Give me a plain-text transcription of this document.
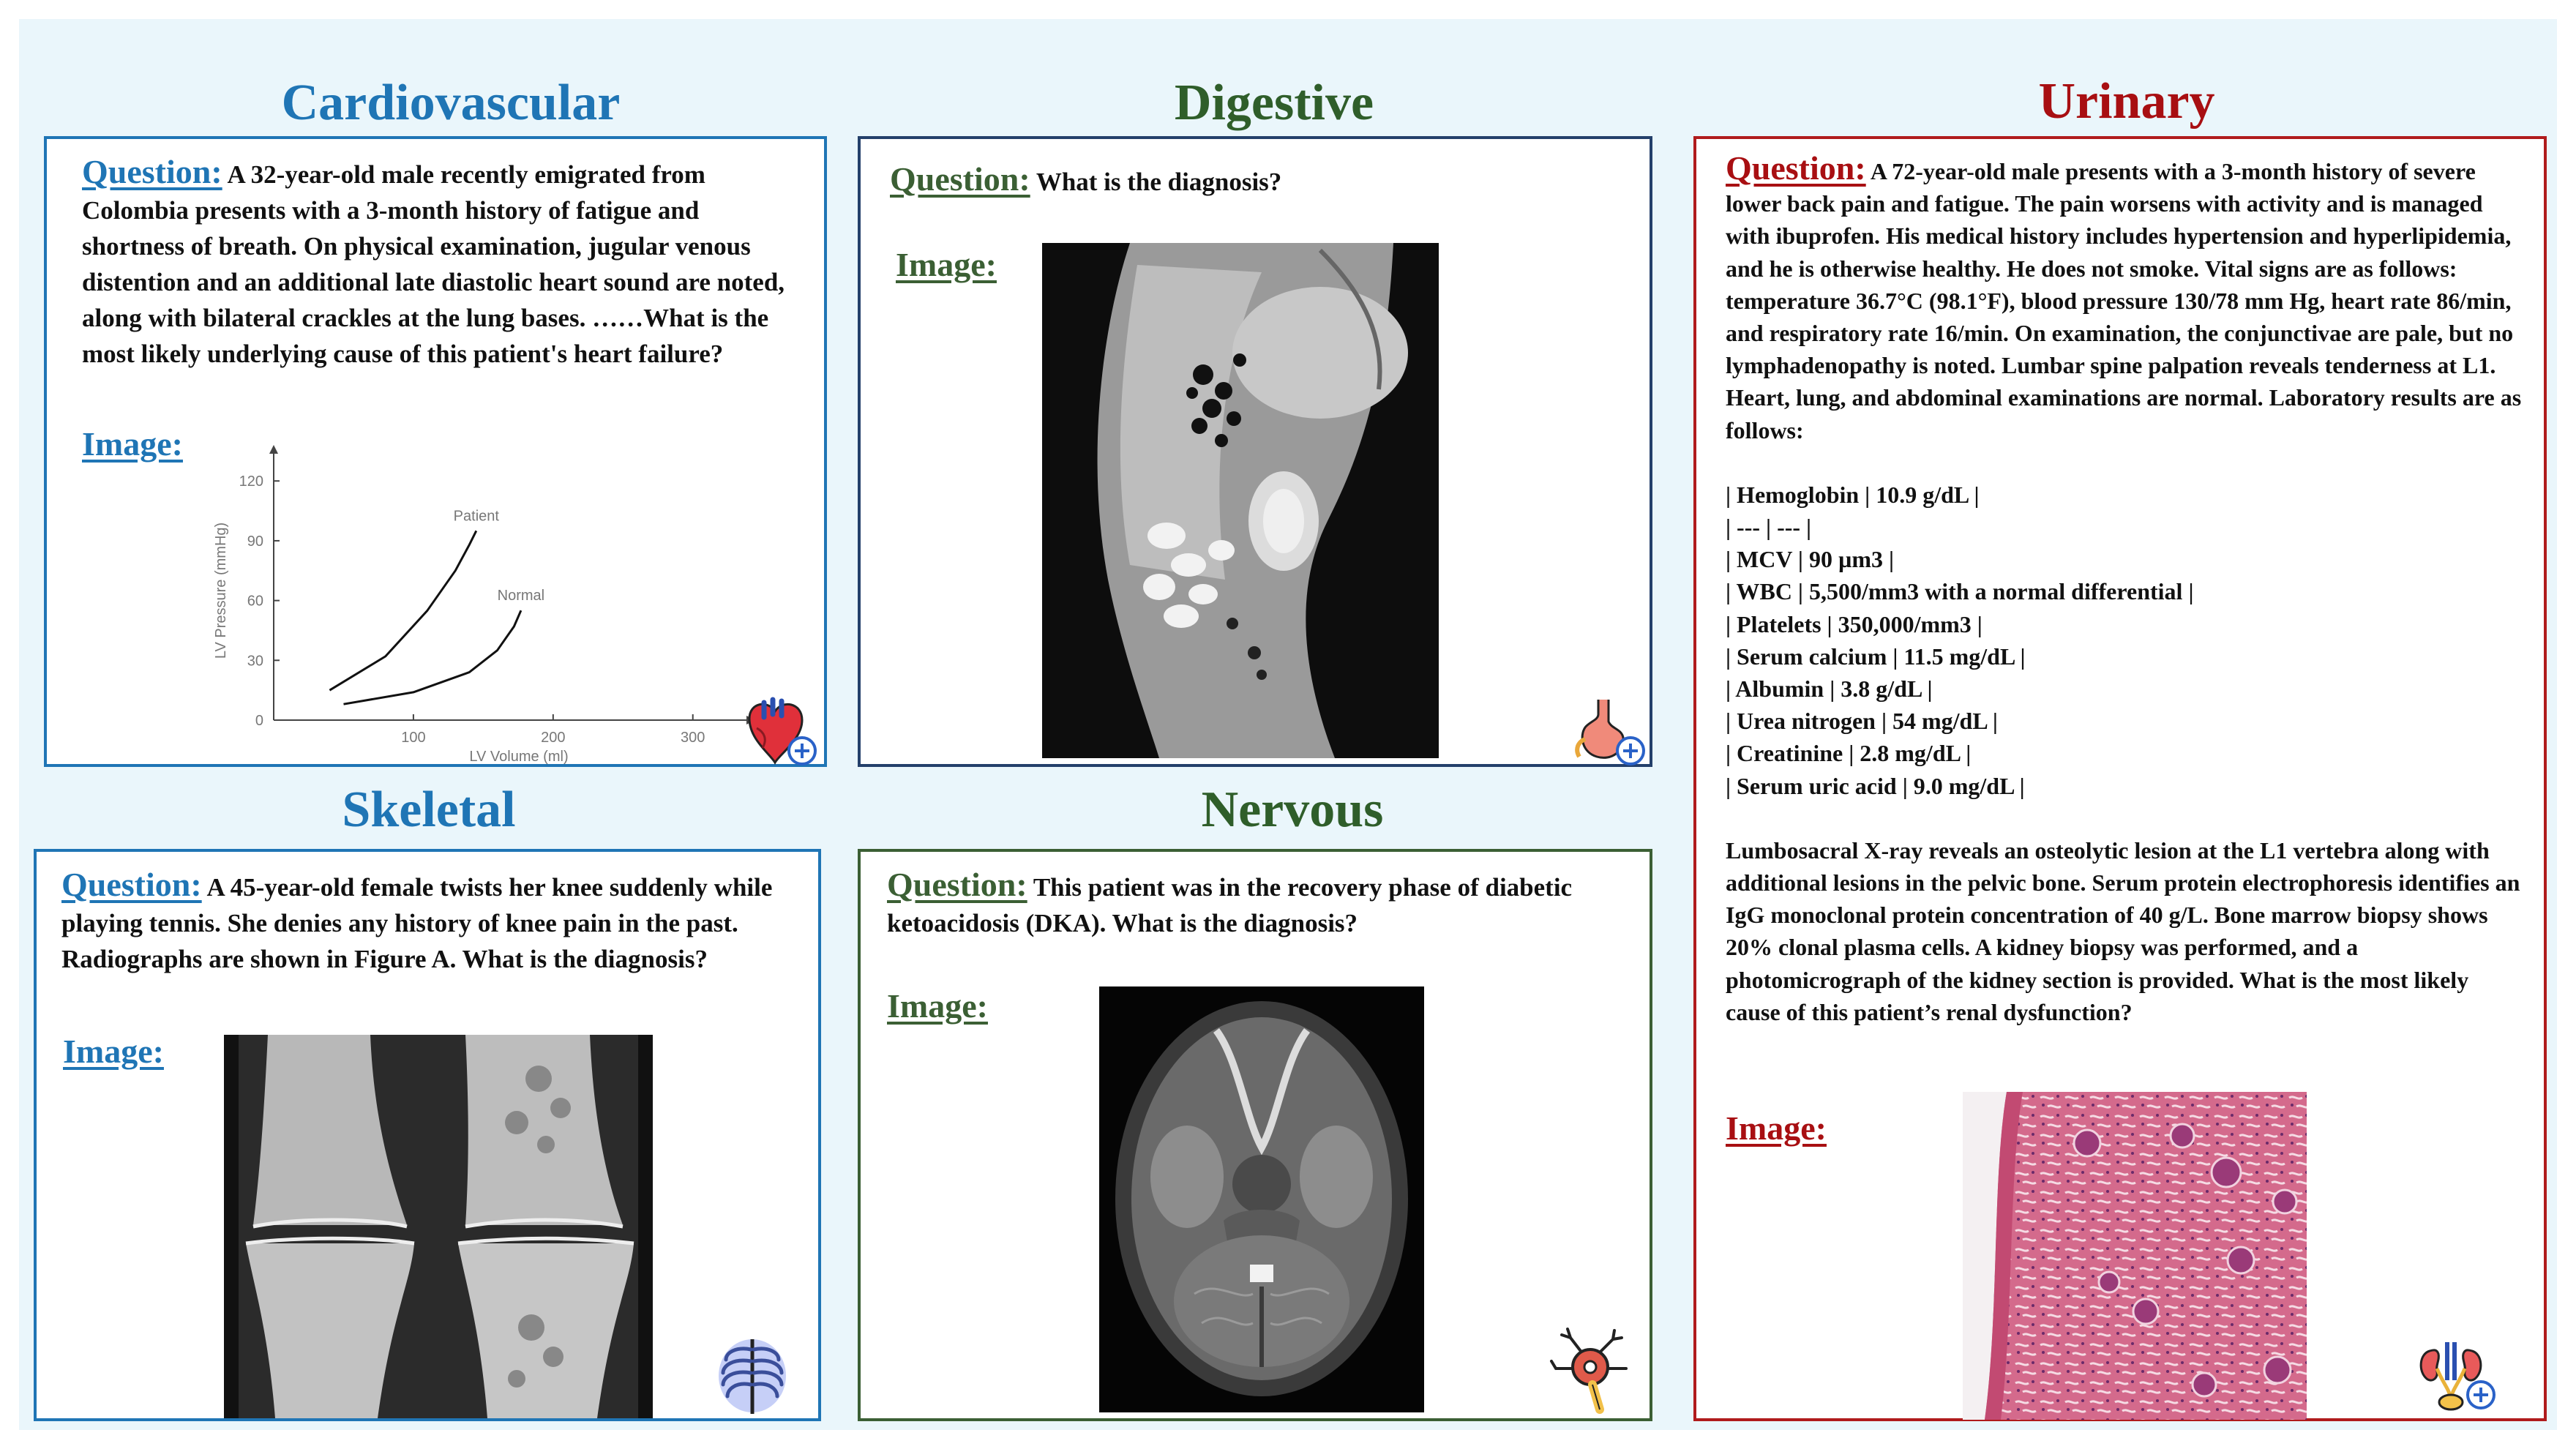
Cardiovascular
Question: A 32-year-old male recently emigrated from Colombia presents with a 3-month history of fatigue and shortness of breath. On physical examination, jugular venous distention and an additional late diastolic heart sound are noted, along with bilateral crackles at the lung bases. ……What is the most likely underlying cause of this patient's heart failure?
Image:
100	200	300
0
30
60
90
120
LV Volume (ml)
LV Pressure (mmHg)
Patient
Normal
Digestive
Question: What is the diagnosis?
Image:
Urinary

Question: A 72-year-old male presents with a 3-month history of severe lower back pain and fatigue. The pain worsens with activity and is managed with ibuprofen. His medical history includes hypertension and hyperlipidemia, and he is otherwise healthy. He does not smoke. Vital signs are as follows: temperature 36.7°C (98.1°F), blood pressure 130/78 mm Hg, heart rate 86/min, and respiratory rate 16/min. On examination, the conjunctivae are pale, but no lymphadenopathy is noted. Lumbar spine palpation reveals tenderness at L1. Heart, lung, and abdominal examinations are normal. Laboratory results are as follows:

| Hemoglobin | 10.9 g/dL |
| --- | --- |
| MCV | 90 µm3 |
| WBC | 5,500/mm3 with a normal differential |
| Platelets | 350,000/mm3 |
| Serum calcium | 11.5 mg/dL |
| Albumin | 3.8 g/dL |
| Urea nitrogen | 54 mg/dL |
| Creatinine | 2.8 mg/dL |
| Serum uric acid | 9.0 mg/dL |

Lumbosacral X-ray reveals an osteolytic lesion at the L1 vertebra along with additional lesions in the pelvic bone. Serum protein electrophoresis identifies an IgG monoclonal protein concentration of 40 g/L. Bone marrow biopsy shows 20% clonal plasma cells. A kidney biopsy was performed, and a photomicrograph of the kidney section is provided. What is the most likely cause of this patient’s renal dysfunction?

Image:
Skeletal
Question: A 45-year-old female twists her knee suddenly while playing tennis. She denies any history of knee pain in the past. Radiographs are shown in Figure A. What is the diagnosis?
Image:
Nervous
Question: This patient was in the recovery phase of diabetic ketoacidosis (DKA). What is the diagnosis?
Image:
